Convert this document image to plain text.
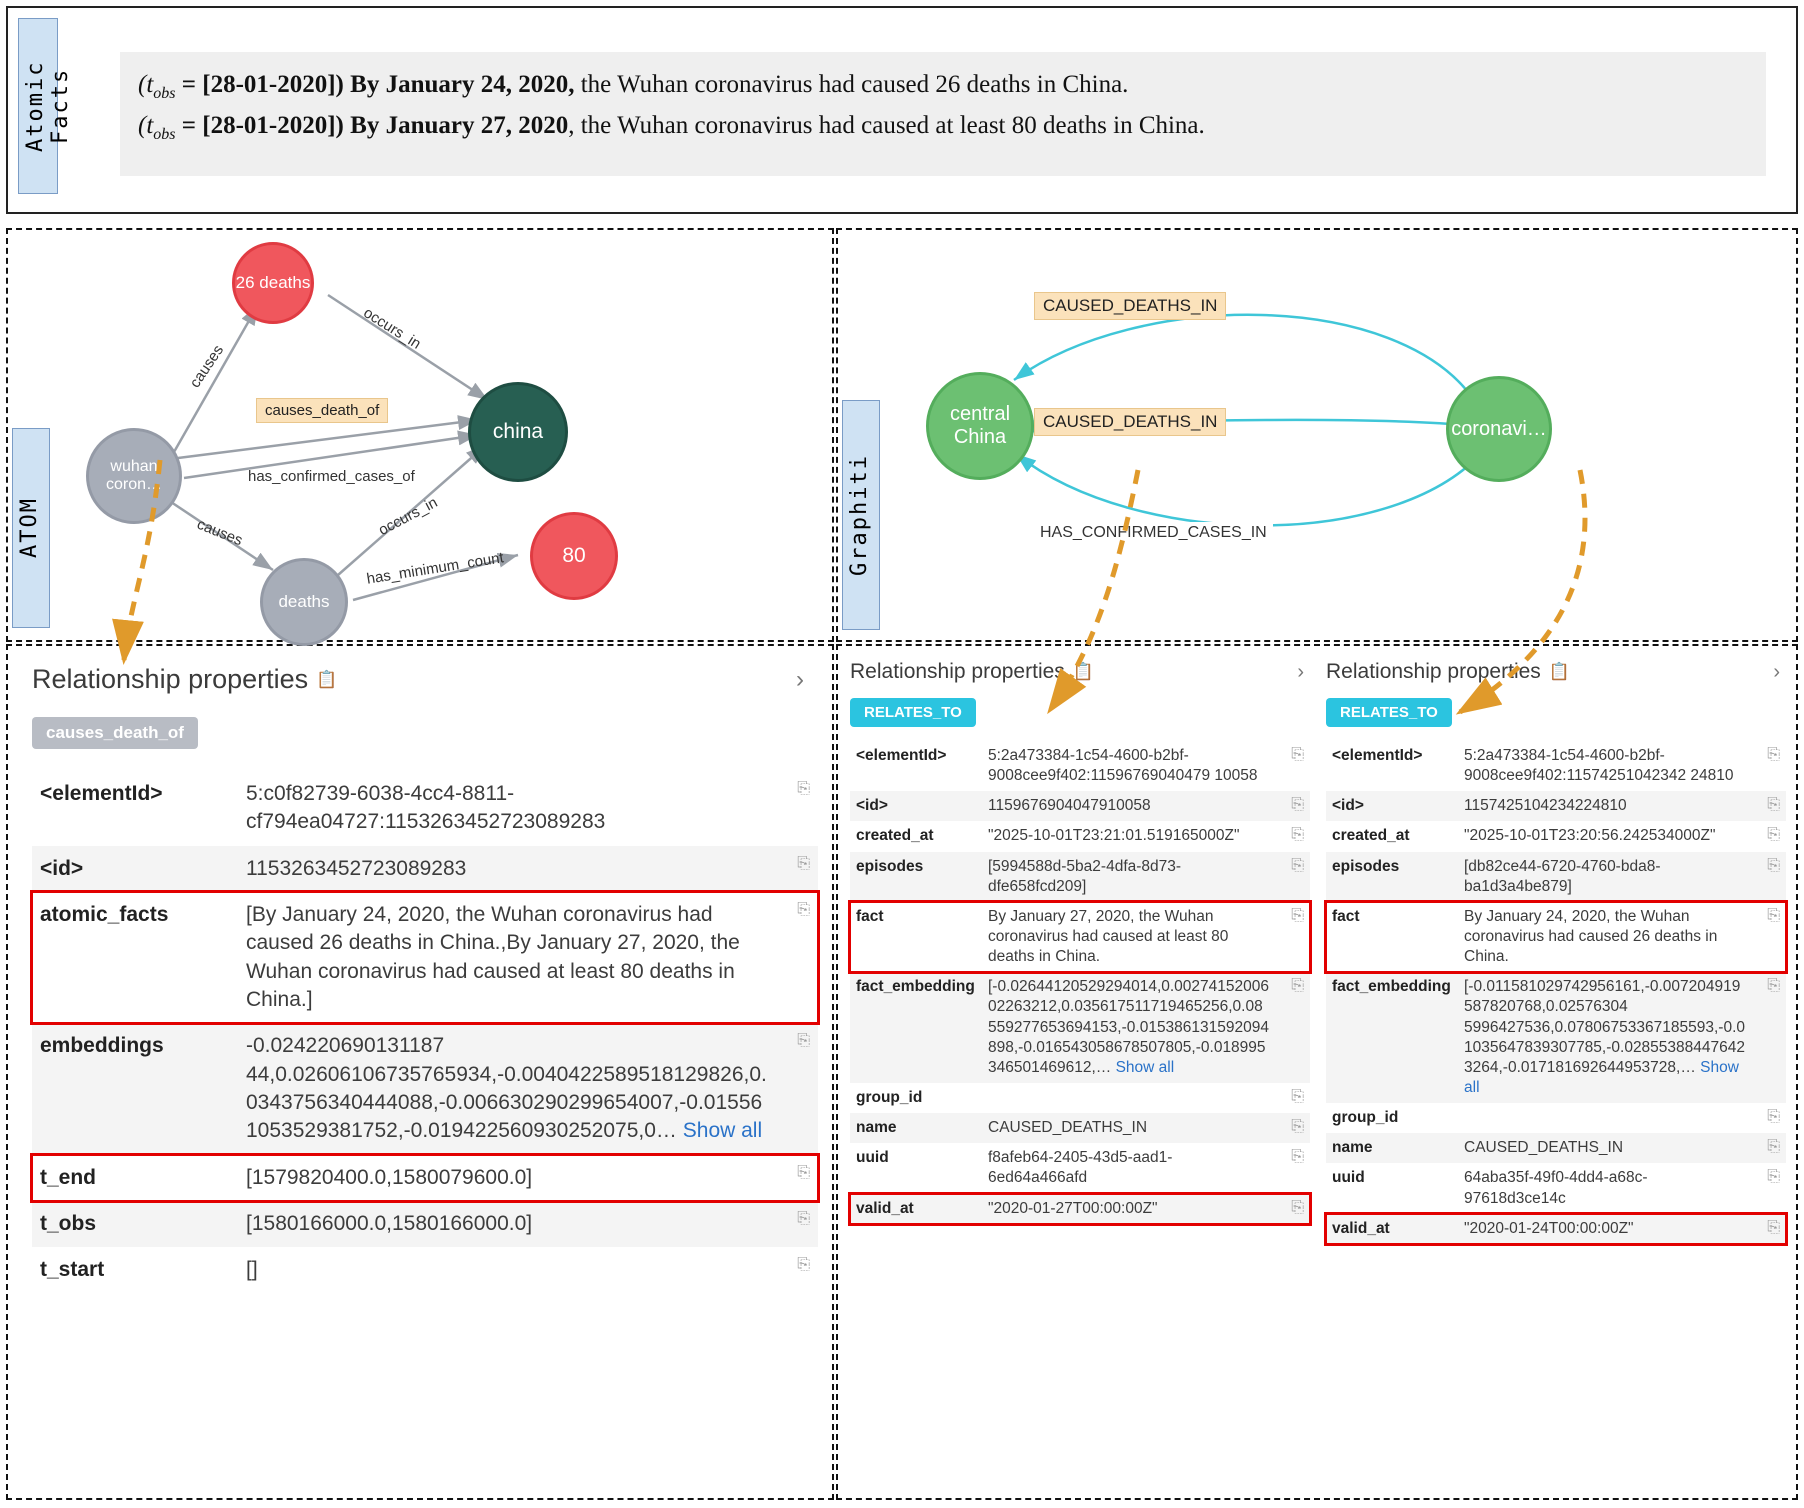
Atomic Facts	$(t_{obs} = [28-01-2020])$ By January 24, 2020, the Wuhan coronavirus had caused 26 deaths in China.
$(t_{obs} = [28-01-2020])$ By January 27, 2020, the Wuhan coronavirus had caused at least 80 deaths in China.
26 deaths
wuhan coron…
china
deaths
80
causes
occurs_in
causes_death_of
has_confirmed_cases_of
causes	occurs_in
has_minimum_count
ATOM
central China	coronavi…
CAUSED_DEATHS_IN
CAUSED_DEATHS_IN
HAS_CONFIRMED_CASES_IN
Graphiti
Relationship properties 📋	›
causes_death_of
<elementId>	5:c0f82739-6038-4cc4-8811-cf794ea04727:1153263452723089283	⎘
<id>	1153263452723089283	⎘
atomic_facts	[By January 24, 2020, the Wuhan coronavirus had caused 26 deaths in China.,By January 27, 2020, the Wuhan coronavirus had caused at least 80 deaths in China.]	⎘
embeddings	-0.024220690131187 44,0.02606106735765934,-0.0040422589518129826,0.0343756340444088,-0.006630290299654007,-0.015561053529381752,-0.019422560930252075,0… Show all	⎘
t_end	[1579820400.0,1580079600.0]	⎘
t_obs	[1580166000.0,1580166000.0]	⎘
t_start	[]	⎘
Relationship properties 📋	›
RELATES_TO
<elementId>	5:2a473384-1c54-4600-b2bf-9008cee9f402:11596769040479 10058	⎘
<id>	1159676904047910058	⎘
created_at	"2025-10-01T23:21:01.519165000Z"	⎘
episodes	[5994588d-5ba2-4dfa-8d73-dfe658fcd209]	⎘
fact	By January 27, 2020, the Wuhan coronavirus had caused at least 80 deaths in China.	⎘
fact_embedding	[-0.02644120529294014,0.0027415200602263212,0.035617511719465256,0.08559277653694153,-0.015386131592094898,-0.016543058678507805,-0.018995346501469612,… Show all	⎘
group_id		⎘
name	CAUSED_DEATHS_IN	⎘
uuid	f8afeb64-2405-43d5-aad1-6ed64a466afd	⎘
valid_at	"2020-01-27T00:00:00Z"	⎘
Relationship properties 📋	›
RELATES_TO
<elementId>	5:2a473384-1c54-4600-b2bf-9008cee9f402:11574251042342 24810	⎘
<id>	1157425104234224810	⎘
created_at	"2025-10-01T23:20:56.242534000Z"	⎘
episodes	[db82ce44-6720-4760-bda8-ba1d3a4be879]	⎘
fact	By January 24, 2020, the Wuhan coronavirus had caused 26 deaths in China.	⎘
fact_embedding	[-0.011581029742956161,-0.007204919587820768,0.02576304 5996427536,0.07806753367185593,-0.01035647839307785,-0.028553884476423264,-0.017181692644953728,… Show all	⎘
group_id		⎘
name	CAUSED_DEATHS_IN	⎘
uuid	64aba35f-49f0-4dd4-a68c-97618d3ce14c	⎘
valid_at	"2020-01-24T00:00:00Z"	⎘
